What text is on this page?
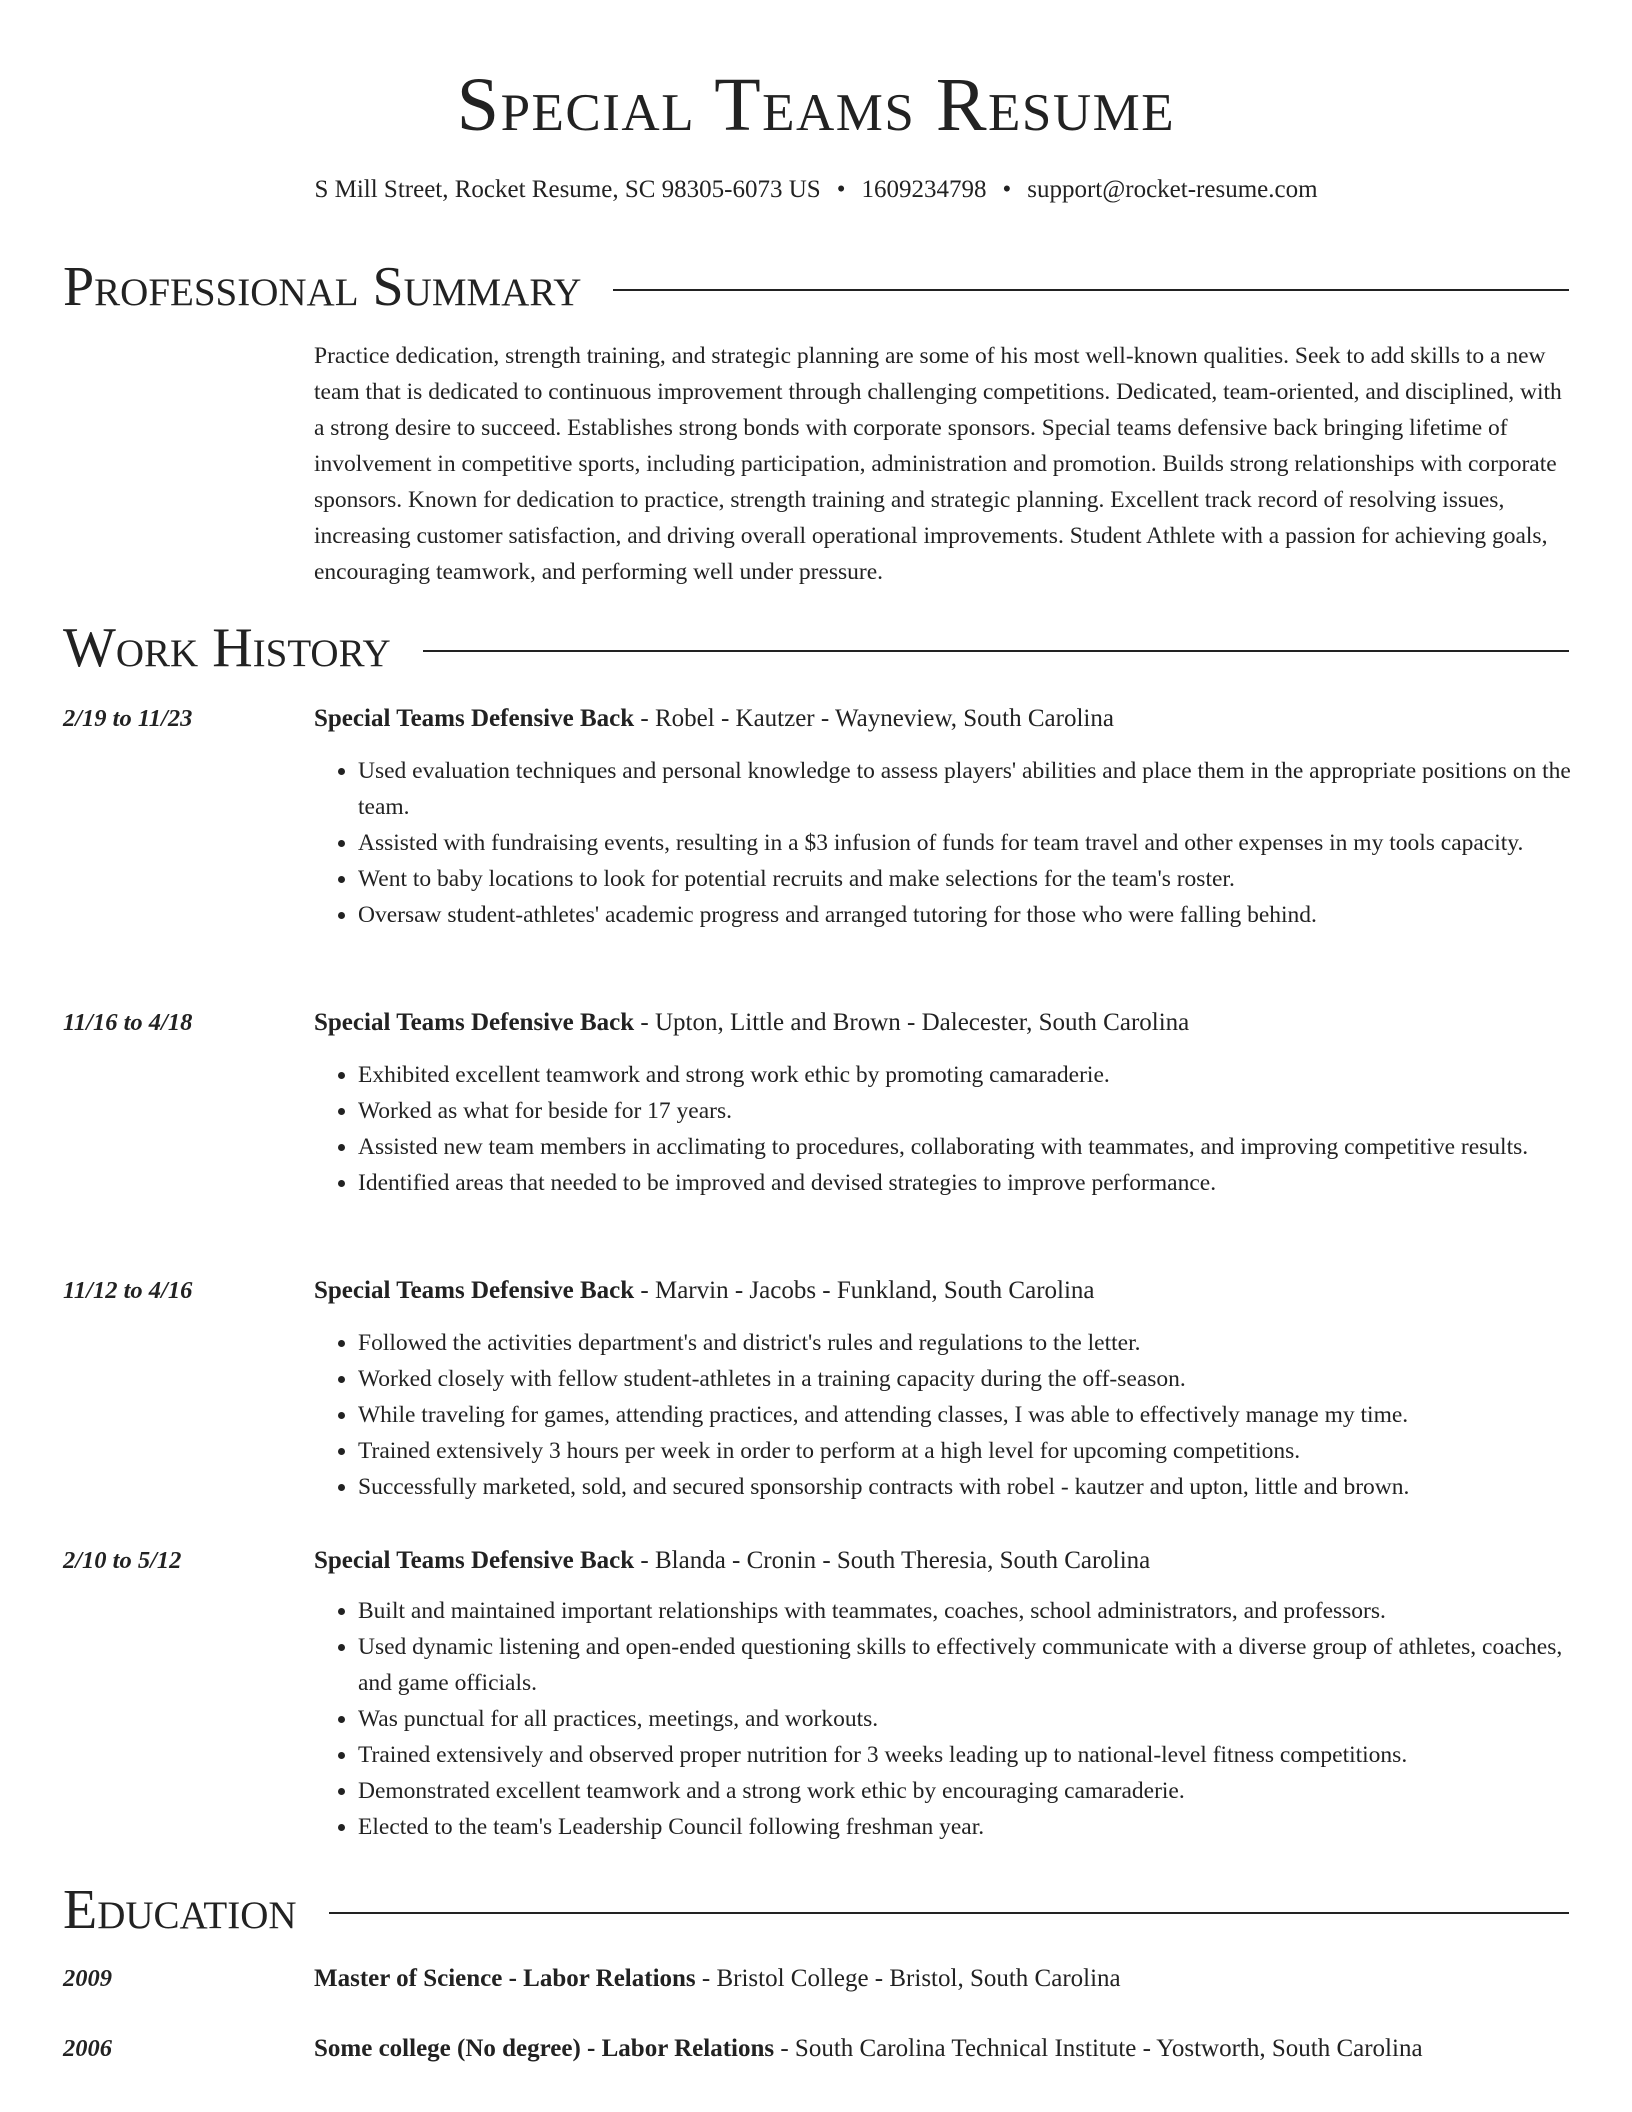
Special Teams Resume
S Mill Street, Rocket Resume, SC 98305-6073 US • 1609234798 • support@rocket-resume.com
Professional Summary
Practice dedication, strength training, and strategic planning are some of his most well-known qualities. Seek to add skills to a new team that is dedicated to continuous improvement through challenging competitions. Dedicated, team-oriented, and disciplined, with a strong desire to succeed. Establishes strong bonds with corporate sponsors. Special teams defensive back bringing lifetime of involvement in competitive sports, including participation, administration and promotion. Builds strong relationships with corporate sponsors. Known for dedication to practice, strength training and strategic planning. Excellent track record of resolving issues, increasing customer satisfaction, and driving overall operational improvements. Student Athlete with a passion for achieving goals, encouraging teamwork, and performing well under pressure.
Work History
2/19 to 11/23	Special Teams Defensive Back - Robel - Kautzer - Wayneview, South Carolina
• Used evaluation techniques and personal knowledge to assess players' abilities and place them in the appropriate positions on the team.
• Assisted with fundraising events, resulting in a $3 infusion of funds for team travel and other expenses in my tools capacity.
• Went to baby locations to look for potential recruits and make selections for the team's roster.
• Oversaw student-athletes' academic progress and arranged tutoring for those who were falling behind.
11/16 to 4/18	Special Teams Defensive Back - Upton, Little and Brown - Dalecester, South Carolina
• Exhibited excellent teamwork and strong work ethic by promoting camaraderie.
• Worked as what for beside for 17 years.
• Assisted new team members in acclimating to procedures, collaborating with teammates, and improving competitive results.
• Identified areas that needed to be improved and devised strategies to improve performance.
11/12 to 4/16	Special Teams Defensive Back - Marvin - Jacobs - Funkland, South Carolina
• Followed the activities department's and district's rules and regulations to the letter.
• Worked closely with fellow student-athletes in a training capacity during the off-season.
• While traveling for games, attending practices, and attending classes, I was able to effectively manage my time.
• Trained extensively 3 hours per week in order to perform at a high level for upcoming competitions.
• Successfully marketed, sold, and secured sponsorship contracts with robel - kautzer and upton, little and brown.
2/10 to 5/12	Special Teams Defensive Back - Blanda - Cronin - South Theresia, South Carolina
• Built and maintained important relationships with teammates, coaches, school administrators, and professors.
• Used dynamic listening and open-ended questioning skills to effectively communicate with a diverse group of athletes, coaches, and game officials.
• Was punctual for all practices, meetings, and workouts.
• Trained extensively and observed proper nutrition for 3 weeks leading up to national-level fitness competitions.
• Demonstrated excellent teamwork and a strong work ethic by encouraging camaraderie.
• Elected to the team's Leadership Council following freshman year.
Education
2009	Master of Science - Labor Relations - Bristol College - Bristol, South Carolina
2006	Some college (No degree) - Labor Relations - South Carolina Technical Institute - Yostworth, South Carolina
